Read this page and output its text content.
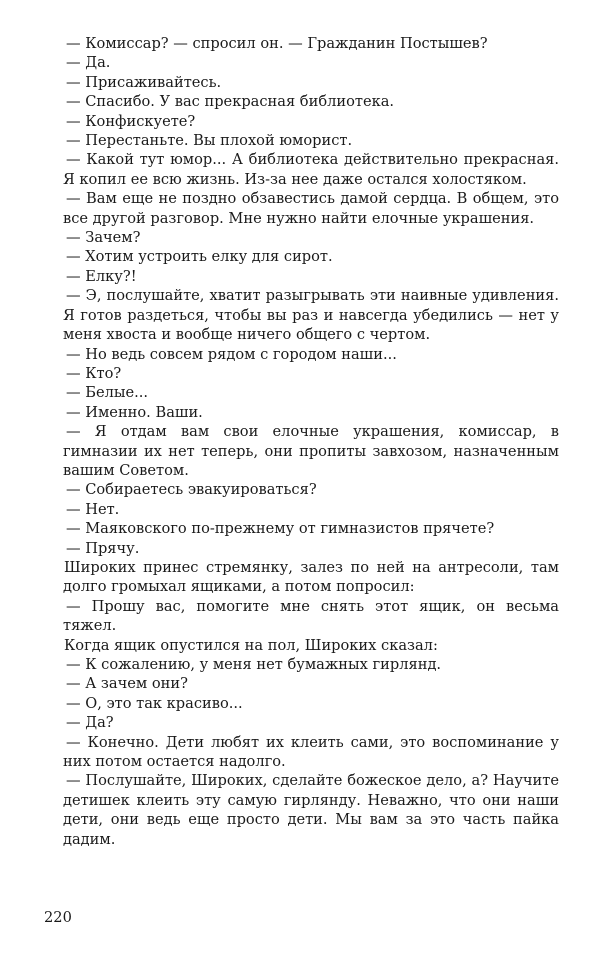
— Комиссар? — спросил он. — Гражданин Постышев?

— Да.

— Присаживайтесь.

— Спасибо. У вас прекрасная библиотека.

— Конфискуете?

— Перестаньте. Вы плохой юморист.

— Какой тут юмор... А библиотека действительно прекрасная. Я копил ее всю жизнь. Из-за нее даже остался холостяком.

— Вам еще не поздно обзавестись дамой сердца. В общем, это все другой разговор. Мне нужно найти елочные украшения.

— Зачем?

— Хотим устроить елку для сирот.

— Елку?!

— Э, послушайте, хватит разыгрывать эти наивные удивления. Я готов раздеться, чтобы вы раз и навсегда убедились — нет у меня хвоста и вообще ничего общего с чертом.

— Но ведь совсем рядом с городом наши...

— Кто?

— Белые...

— Именно. Ваши.

— Я отдам вам свои елочные украшения, комиссар, в гимназии их нет теперь, они пропиты завхозом, назначенным вашим Советом.

— Собираетесь эвакуироваться?

— Нет.

— Маяковского по-прежнему от гимназистов прячете?

— Прячу.

Широких принес стремянку, залез по ней на антресоли, там долго громыхал ящиками, а потом попросил:

— Прошу вас, помогите мне снять этот ящик, он весьма тяжел.

Когда ящик опустился на пол, Широких сказал:

— К сожалению, у меня нет бумажных гирлянд.

— А зачем они?

— О, это так красиво...

— Да?

— Конечно. Дети любят их клеить сами, это воспоминание у них потом остается надолго.

— Послушайте, Широких, сделайте божеское дело, а? Научите детишек клеить эту самую гирлянду. Неважно, что они наши дети, они ведь еще просто дети. Мы вам за это часть пайка дадим.

220
